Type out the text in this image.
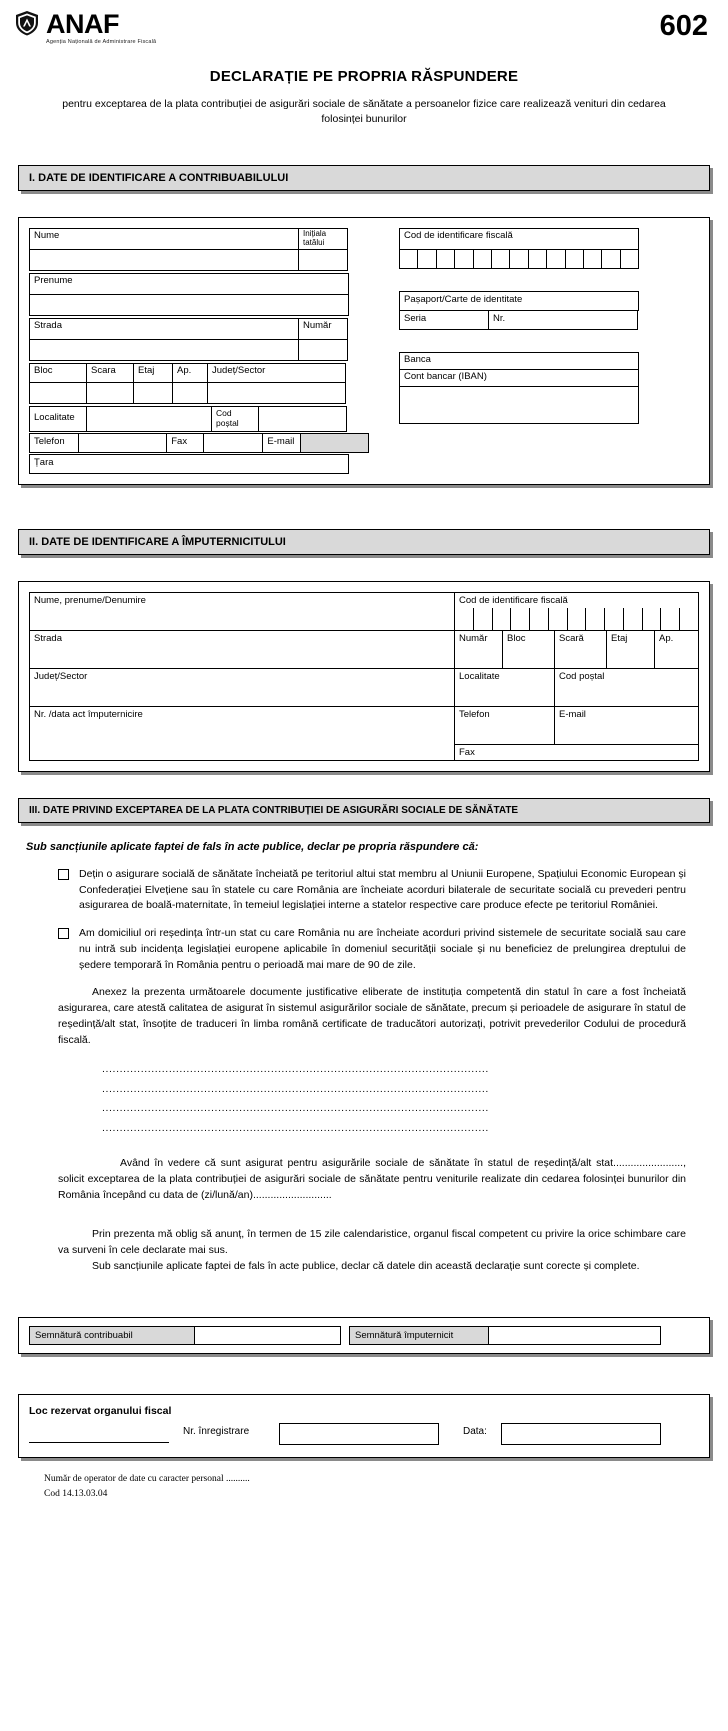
ANAF
Agenția Națională de Administrare Fiscală	602
DECLARAȚIE PE PROPRIA RĂSPUNDERE
pentru exceptarea de la plata contribuției de asigurări sociale de sănătate a persoanelor fizice care realizează venituri din cedarea folosinței bunurilor
I. DATE DE IDENTIFICARE A CONTRIBUABILULUI
Nume	Inițiala tatălui
Prenume
Strada	Număr
Bloc	Scara	Etaj	Ap.	Județ/Sector
Localitate	Cod poștal
Telefon	Fax	E-mail
Țara
Cod de identificare fiscală
Pașaport/Carte de identitate
Seria	Nr.
Banca
Cont bancar (IBAN)
II. DATE DE IDENTIFICARE A ÎMPUTERNICITULUI
Nume, prenume/Denumire	Cod de identificare fiscală				

Strada	Număr	Bloc	Scară	Etaj	Ap.

Județ/Sector	Localitate		Cod poștal		

Nr. /data act împuternicire	Telefon		E-mail		

	Fax				
III. DATE PRIVIND EXCEPTAREA DE LA PLATA CONTRIBUȚIEI DE ASIGURĂRI SOCIALE DE SĂNĂTATE
Sub sancțiunile aplicate faptei de fals în acte publice, declar pe propria răspundere că:
Dețin o asigurare socială de sănătate încheiată pe teritoriul altui stat membru al Uniunii Europene, Spațiului Economic European și Confederației Elvețiene sau în statele cu care România are încheiate acorduri bilaterale de securitate socială cu prevederi pentru asigurarea de boală-maternitate, în temeiul legislației interne a statelor respective care produce efecte pe teritoriul României.
Am domiciliul ori reședința într-un stat cu care România nu are încheiate acorduri privind sistemele de securitate socială sau care nu intră sub incidența legislației europene aplicabile în domeniul securității sociale și nu beneficiez de prelungirea dreptului de ședere temporară în România pentru o perioadă mai mare de 90 de zile.
Anexez la prezenta următoarele documente justificative eliberate de instituția competentă din statul în care a fost încheiată asigurarea, care atestă calitatea de asigurat în sistemul asigurărilor sociale de sănătate, precum și perioadele de asigurare în statul de reședință/alt stat, însoțite de traduceri în limba română certificate de traducători autorizați, potrivit prevederilor Codului de procedură fiscală.
..............................................................................................................
..............................................................................................................
..............................................................................................................
..............................................................................................................
Având în vedere că sunt asigurat pentru asigurările sociale de sănătate în statul de reședință/alt stat........................, solicit exceptarea de la plata contribuției de asigurări sociale de sănătate pentru veniturile realizate din cedarea folosinței bunurilor din România începând cu data de (zi/lună/an)...........................
Prin prezenta mă oblig să anunț, în termen de 15 zile calendaristice, organul fiscal competent cu privire la orice schimbare care va surveni în cele declarate mai sus.
Sub sancțiunile aplicate faptei de fals în acte publice, declar că datele din această declarație sunt corecte și complete.
Semnătură contribuabil	Semnătură împuternicit
Loc rezervat organului fiscal
Nr. înregistrare	Data:
Număr de operator de date cu caracter personal ..........
Cod 14.13.03.04
